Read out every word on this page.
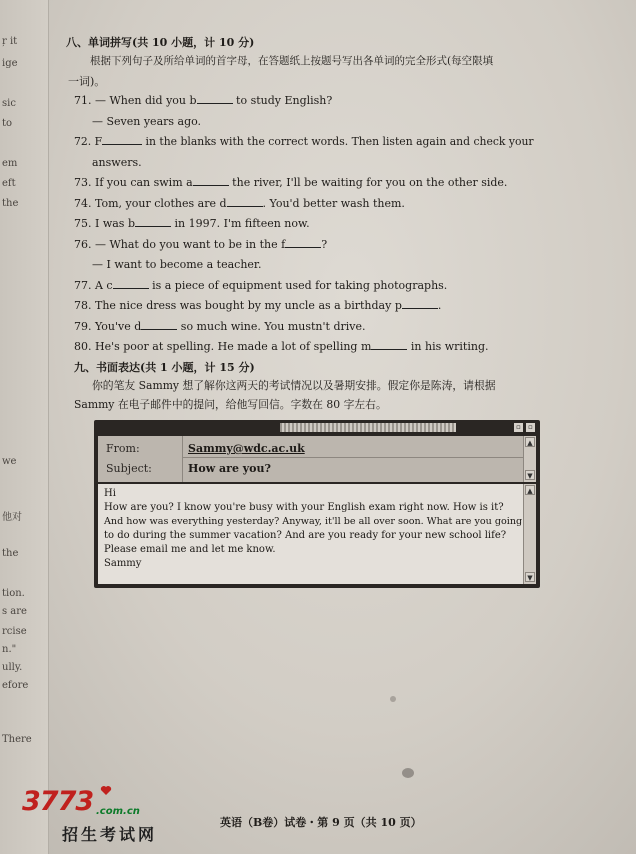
ŗ it
ige
sic
to
em
eft
the
we
他对
the
tion.
s are
rcise
n."
ully.
efore
There
八、单词拼写(共 10 小题，计 10 分)
根据下列句子及所给单词的首字母，在答题纸上按题号写出各单词的完全形式(每空限填
一词)。
71. — When did you b	to study English?
— Seven years ago.
72. F	in the blanks with the correct words. Then listen again and check your
answers.
73. If you can swim a	the river, I'll be waiting for you on the other side.
74. Tom, your clothes are d	. You'd better wash them.
75. I was b	in 1997. I'm fifteen now.
76. — What do you want to be in the f	?
— I want to become a teacher.
77. A c	is a piece of equipment used for taking photographs.
78. The nice dress was bought by my uncle as a birthday p	.
79. You've d	so much wine. You mustn't drive.
80. He's poor at spelling. He made a lot of spelling m	in his writing.
九、书面表达(共 1 小题，计 15 分)
你的笔友 Sammy 想了解你这两天的考试情况以及暑期安排。假定你是陈涛，请根据
Sammy 在电子邮件中的提问，给他写回信。字数在 80 字左右。
▫	▫
From:	Sammy@wdc.ac.uk
Subject:	How are you?
▲
▼
Hi
How are you? I know you're busy with your English exam right now. How is it?
And how was everything yesterday? Anyway, it'll be all over soon. What are you going
to do during the summer vacation? And are you ready for your new school life?
Please email me and let me know.
Sammy
▲
▼
英语（B卷）试卷・第 9 页（共 10 页）
3773 .com.cn
招生考试网
